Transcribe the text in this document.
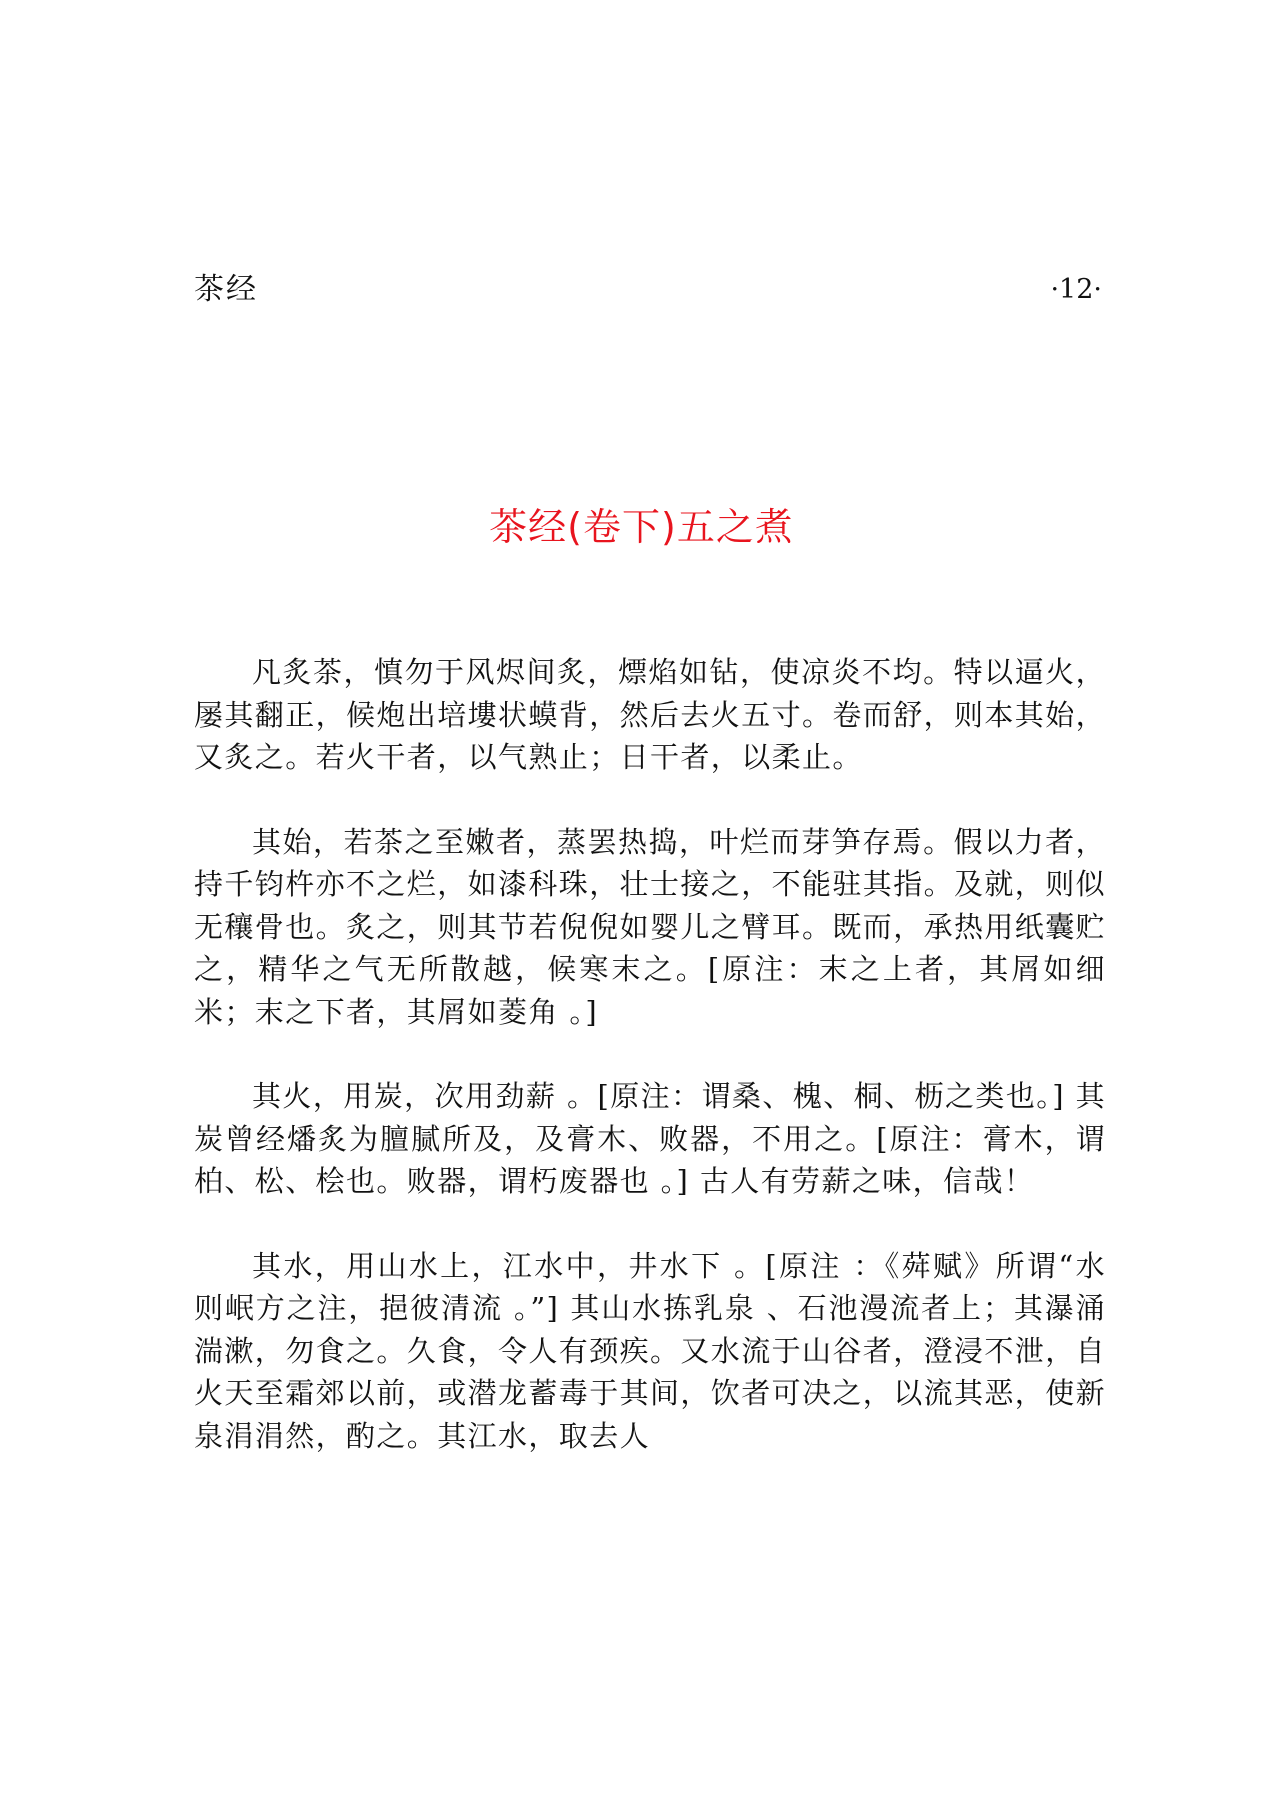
茶经	·12·
茶经(卷下)五之煮

凡炙茶，慎勿于风烬间炙，熛焰如钻，使凉炎不均。特以逼火，屡其翻正，候炮出培塿状蟆背，然后去火五寸。卷而舒，则本其始，又炙之。若火干者，以气熟止；日干者，以柔止。

其始，若茶之至嫩者，蒸罢热捣，叶烂而芽笋存焉。假以力者，持千钧杵亦不之烂，如漆科珠，壮士接之，不能驻其指。及就，则似无穰骨也。炙之，则其节若倪倪如婴儿之臂耳。既而，承热用纸囊贮之，精华之气无所散越，候寒末之。[原注：末之上者，其屑如细米；末之下者，其屑如菱角 。]

其火，用炭，次用劲薪 。[原注：谓桑、槐、桐、枥之类也。] 其炭曾经燔炙为膻腻所及，及膏木、败器，不用之。[原注：膏木，谓柏、松、桧也。败器，谓朽废器也 。] 古人有劳薪之味，信哉！

其水，用山水上，江水中，井水下 。[原注 ：《荈赋》所谓“水则岷方之注，挹彼清流 。”] 其山水拣乳泉 、石池漫流者上；其瀑涌湍漱，勿食之。久食，令人有颈疾。又水流于山谷者，澄浸不泄，自火天至霜郊以前，或潜龙蓄毒于其间，饮者可决之，以流其恶，使新泉涓涓然，酌之。其江水，取去人
